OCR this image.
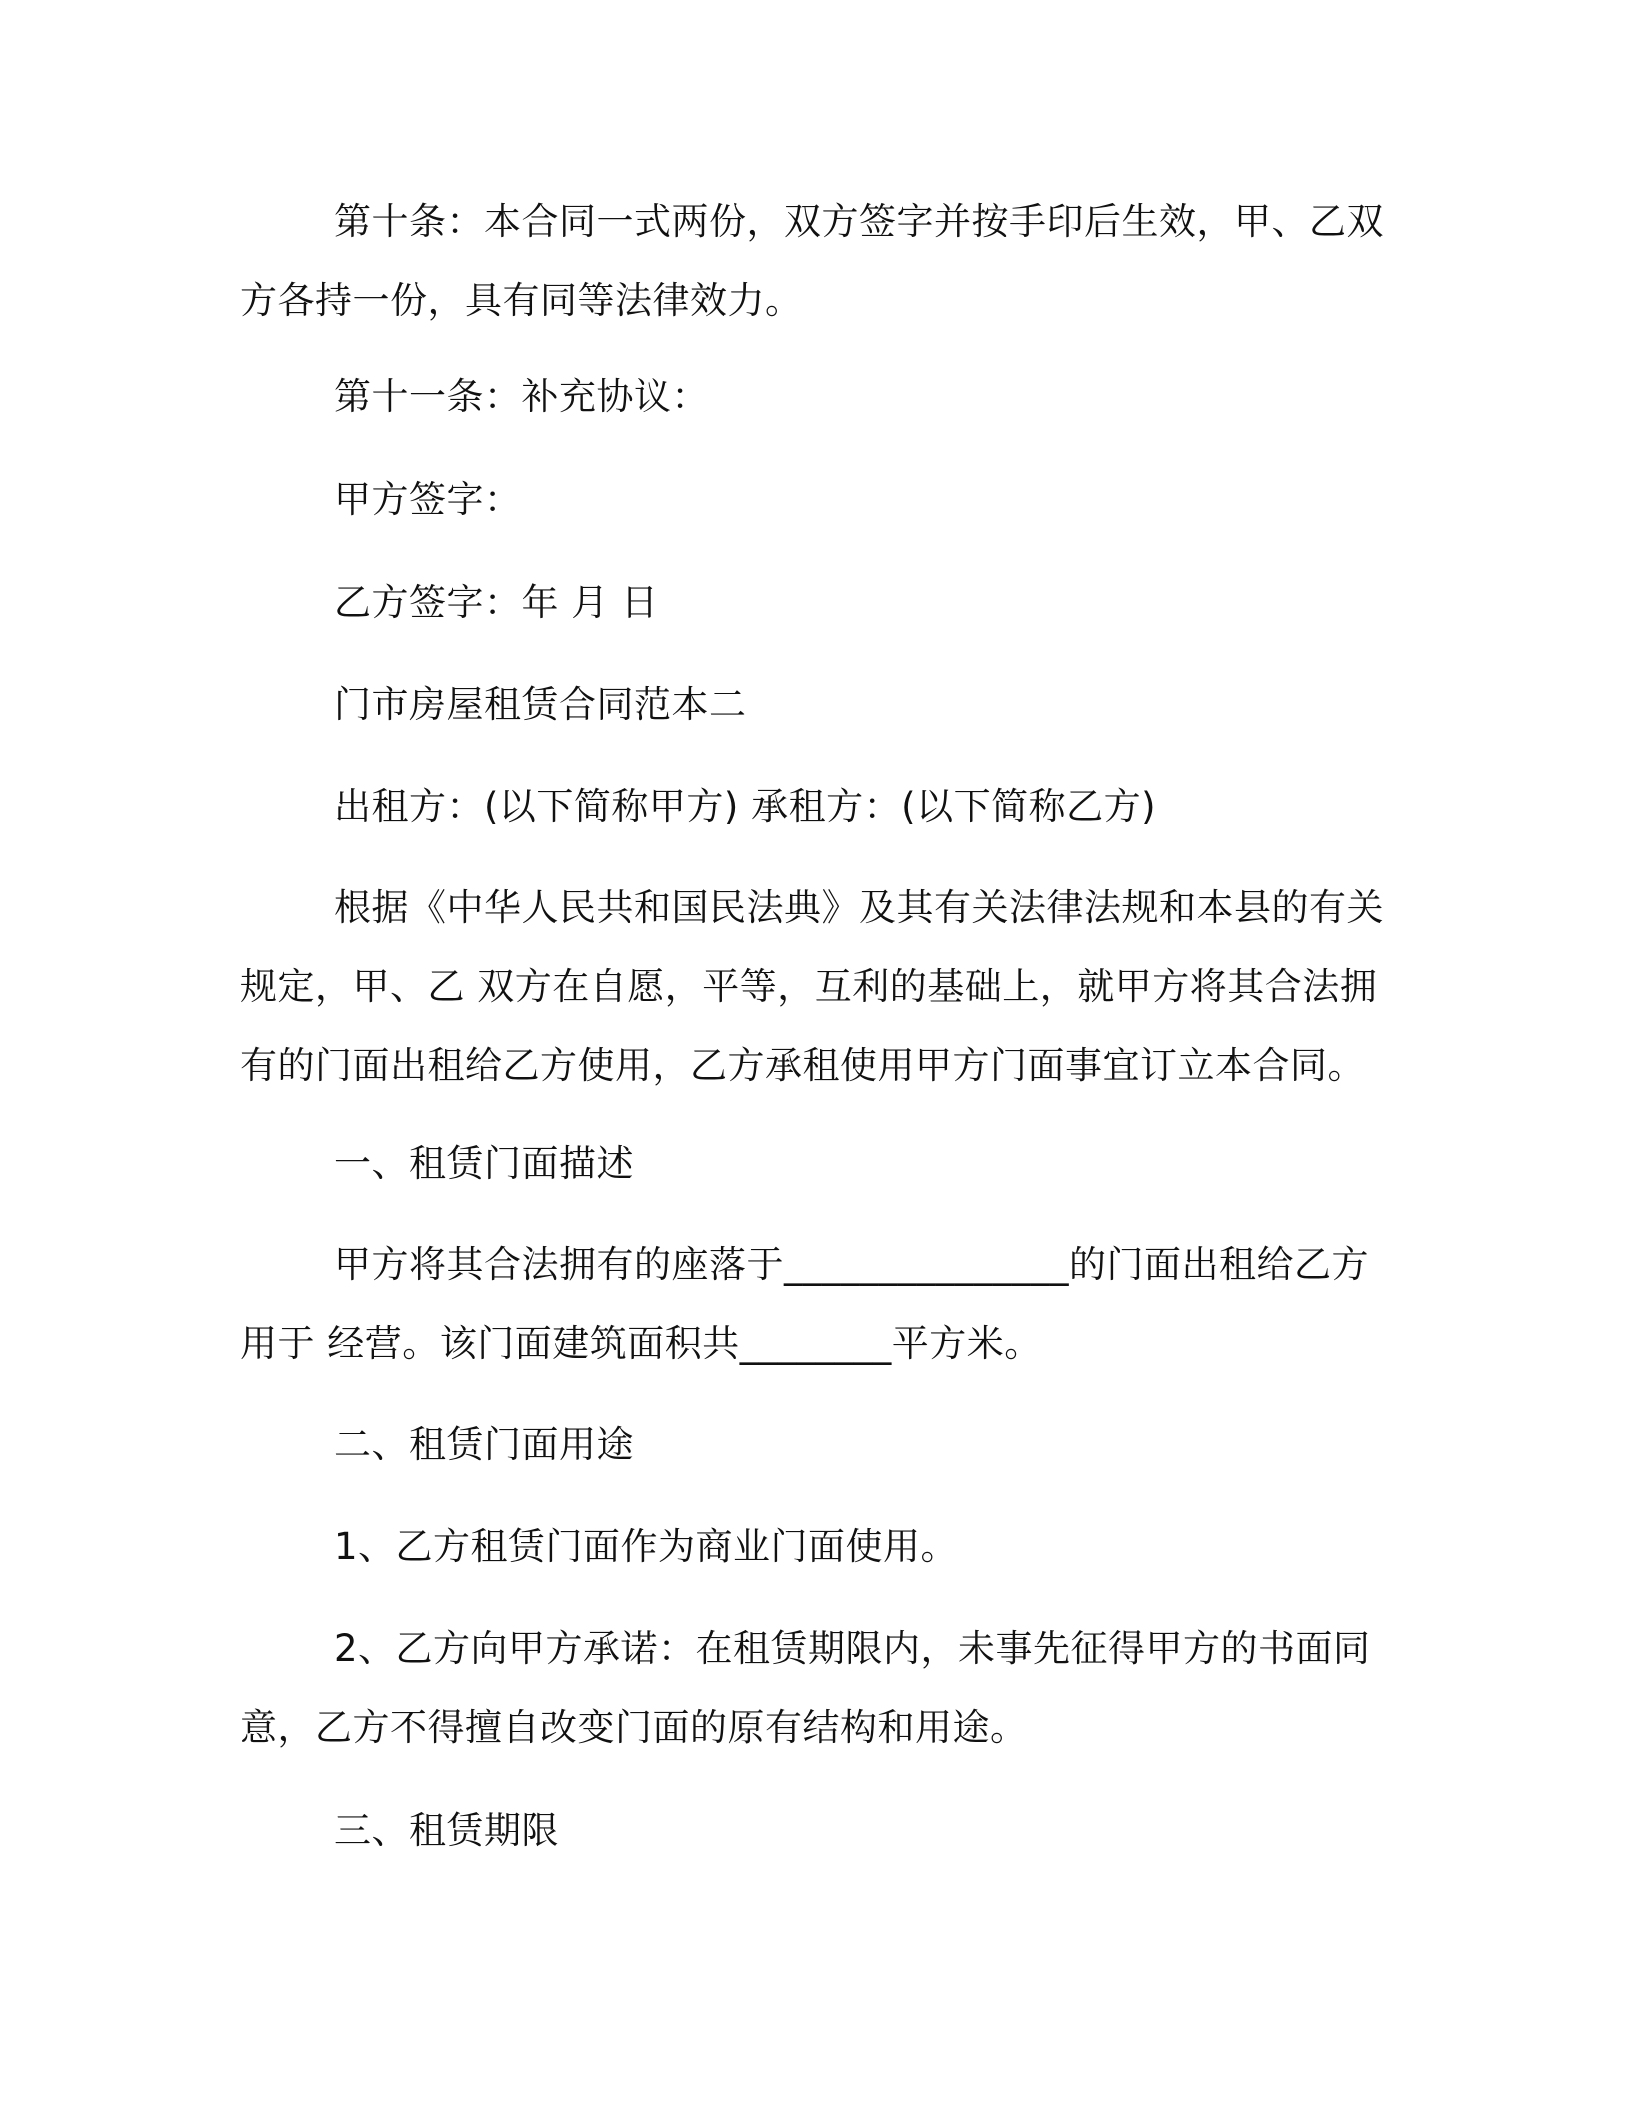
第十条：本合同一式两份，双方签字并按手印后生效，甲、乙双方各持一份，具有同等法律效力。

第十一条：补充协议：

甲方签字：

乙方签字：年 月 日

门市房屋租赁合同范本二

出租方：(以下简称甲方) 承租方：(以下简称乙方)

根据《中华人民共和国民法典》及其有关法律法规和本县的有关规定，甲、乙 双方在自愿，平等，互利的基础上，就甲方将其合法拥有的门面出租给乙方使用，乙方承租使用甲方门面事宜订立本合同。

一、租赁门面描述

甲方将其合法拥有的座落于_______________的门面出租给乙方用于 经营。该门面建筑面积共________平方米。

二、租赁门面用途

1、乙方租赁门面作为商业门面使用。

2、乙方向甲方承诺：在租赁期限内，未事先征得甲方的书面同意，乙方不得擅自改变门面的原有结构和用途。

三、租赁期限
